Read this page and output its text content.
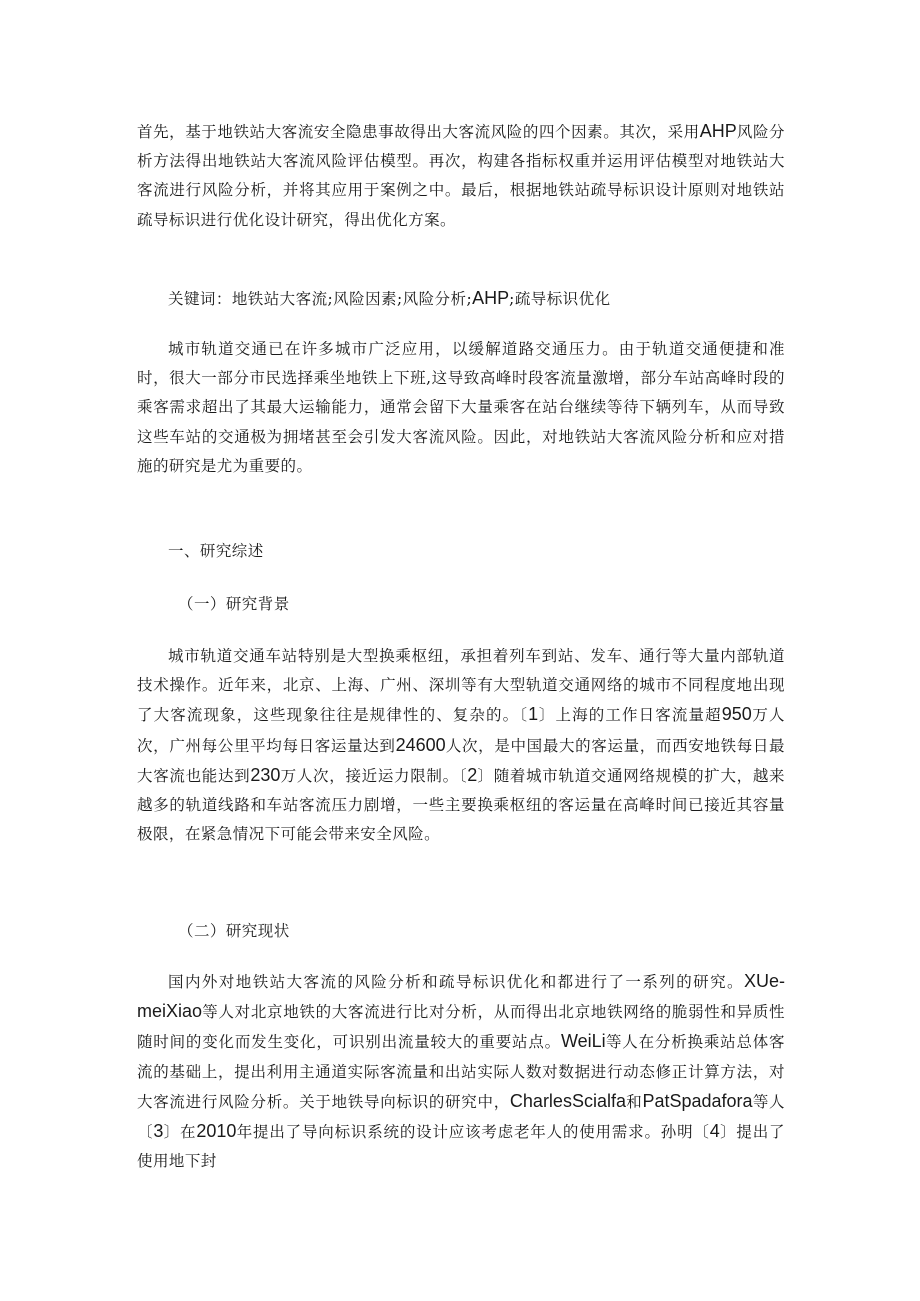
首先，基于地铁站大客流安全隐患事故得出大客流风险的四个因素。其次，采用AHP风险分析方法得出地铁站大客流风险评估模型。再次，构建各指标权重并运用评估模型对地铁站大客流进行风险分析，并将其应用于案例之中。最后，根据地铁站疏导标识设计原则对地铁站疏导标识进行优化设计研究，得出优化方案。

关键词：地铁站大客流;风险因素;风险分析;AHP;疏导标识优化

城市轨道交通已在许多城市广泛应用，以缓解道路交通压力。由于轨道交通便捷和准时，很大一部分市民选择乘坐地铁上下班,这导致高峰时段客流量激增，部分车站高峰时段的乘客需求超出了其最大运输能力，通常会留下大量乘客在站台继续等待下辆列车，从而导致这些车站的交通极为拥堵甚至会引发大客流风险。因此，对地铁站大客流风险分析和应对措施的研究是尤为重要的。

一、研究综述
（一）研究背景

城市轨道交通车站特别是大型换乘枢纽，承担着列车到站、发车、通行等大量内部轨道技术操作。近年来，北京、上海、广州、深圳等有大型轨道交通网络的城市不同程度地出现了大客流现象，这些现象往往是规律性的、复杂的。〔1〕上海的工作日客流量超950万人次，广州每公里平均每日客运量达到24600人次，是中国最大的客运量，而西安地铁每日最大客流也能达到230万人次，接近运力限制。〔2〕随着城市轨道交通网络规模的扩大，越来越多的轨道线路和车站客流压力剧增，一些主要换乘枢纽的客运量在高峰时间已接近其容量极限，在紧急情况下可能会带来安全风险。

（二）研究现状

国内外对地铁站大客流的风险分析和疏导标识优化和都进行了一系列的研究。XUe-meiXiao等人对北京地铁的大客流进行比对分析，从而得出北京地铁网络的脆弱性和异质性随时间的变化而发生变化，可识别出流量较大的重要站点。WeiLi等人在分析换乘站总体客流的基础上，提出利用主通道实际客流量和出站实际人数对数据进行动态修正计算方法，对大客流进行风险分析。关于地铁导向标识的研究中，CharlesScialfa和PatSpadafora等人〔3〕在2010年提出了导向标识系统的设计应该考虑老年人的使用需求。孙明〔4〕提出了使用地下封
